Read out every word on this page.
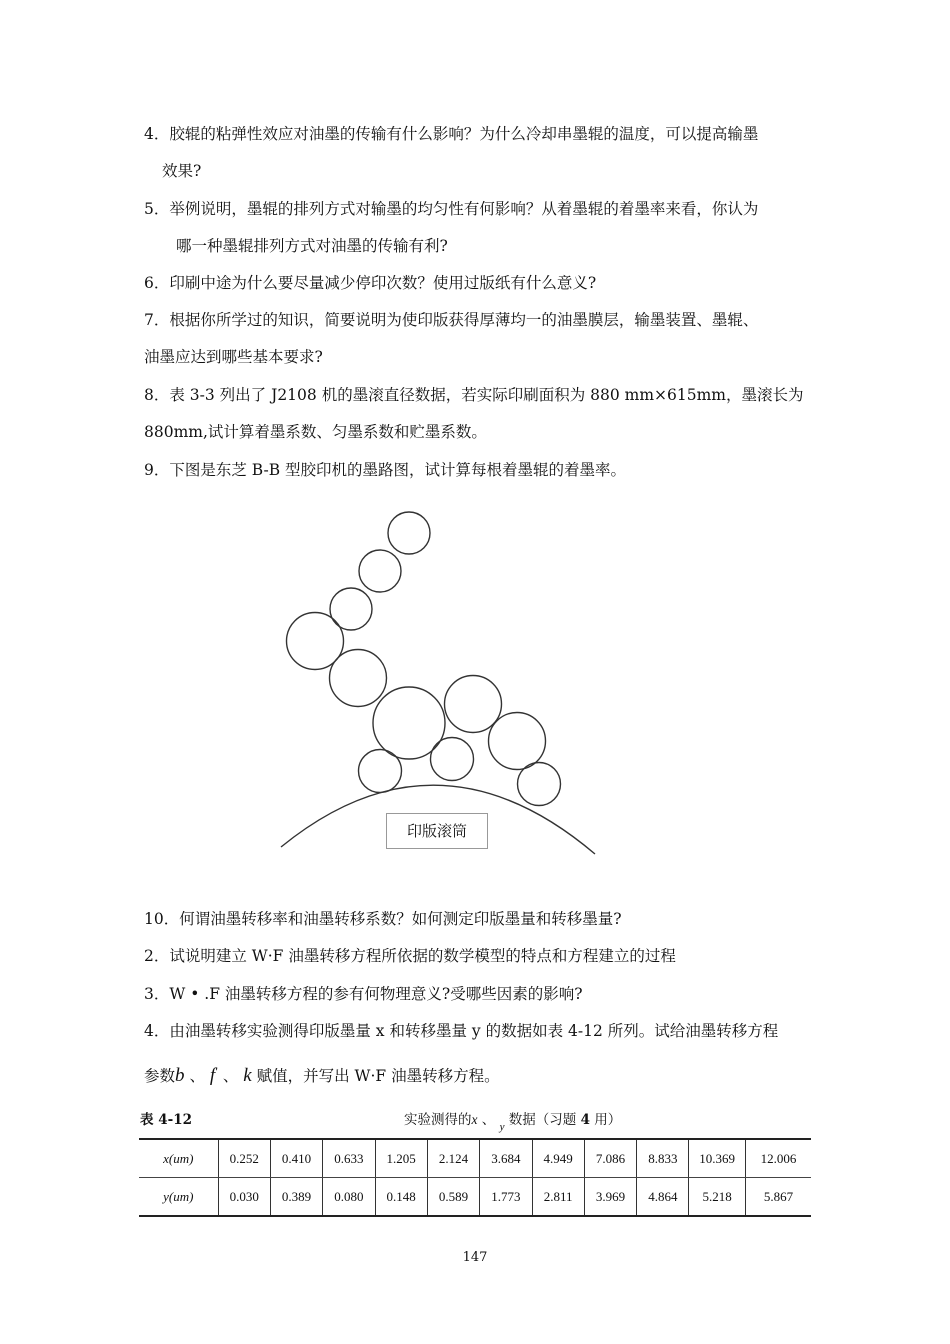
4．胶辊的粘弹性效应对油墨的传输有什么影响？为什么冷却串墨辊的温度，可以提高输墨
效果?
5．举例说明，墨辊的排列方式对输墨的均匀性有何影响？从着墨辊的着墨率来看，你认为
哪一种墨辊排列方式对油墨的传输有利?
6．印刷中途为什么要尽量减少停印次数？使用过版纸有什么意义?
7．根据你所学过的知识，简要说明为使印版获得厚薄均一的油墨膜层，输墨装置、墨辊、
油墨应达到哪些基本要求?
8．表 3-3 列出了 J2108 机的墨滚直径数据，若实际印刷面积为 880 mm×615mm，墨滚长为
880mm,试计算着墨系数、匀墨系数和贮墨系数。
9．下图是东芝 B-B 型胶印机的墨路图，试计算每根着墨辊的着墨率。
印版滚筒
10．何谓油墨转移率和油墨转移系数？如何测定印版墨量和转移墨量?
2．试说明建立 W·F 油墨转移方程所依据的数学模型的特点和方程建立的过程
3．W • .F 油墨转移方程的参有何物理意义?受哪些因素的影响?
4．由油墨转移实验测得印版墨量 x 和转移墨量 y 的数据如表 4-12 所列。试给油墨转移方程
参数b 、 f' 、 k 赋值，并写出 W·F 油墨转移方程。
表 4-12	实验测得的x 、 $_y$ 数据（习题 4 用）
x(um)	0.252	0.410	0.633	1.205	2.124	3.684	4.949	7.086	8.833	10.369	12.006
y(um)	0.030	0.389	0.080	0.148	0.589	1.773	2.811	3.969	4.864	5.218	5.867
147
